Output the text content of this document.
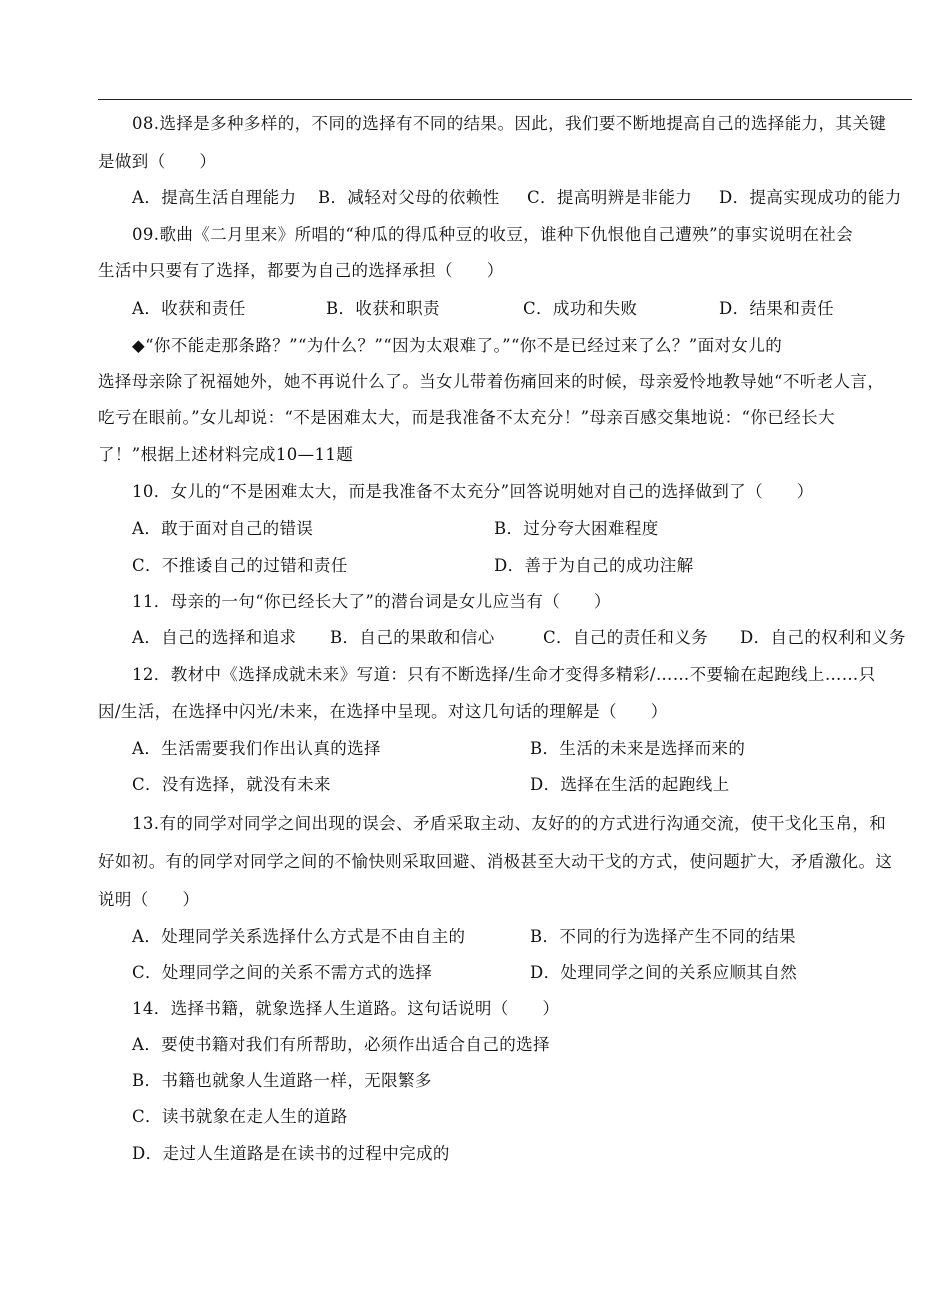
08.选择是多种多样的，不同的选择有不同的结果。因此，我们要不断地提高自己的选择能力，其关键
是做到（　　）
A．提高生活自理能力 B．减轻对父母的依赖性 C．提高明辨是非能力 D．提高实现成功的能力
09.歌曲《二月里来》所唱的“种瓜的得瓜种豆的收豆，谁种下仇恨他自己遭殃”的事实说明在社会
生活中只要有了选择，都要为自己的选择承担（　　）
A．收获和责任	B．收获和职责	C．成功和失败	D．结果和责任
◆“你不能走那条路？”“为什么？”“因为太艰难了。”“你不是已经过来了么？”面对女儿的
选择母亲除了祝福她外，她不再说什么了。当女儿带着伤痛回来的时候，母亲爱怜地教导她“不听老人言，
吃亏在眼前。”女儿却说：“不是困难太大，而是我准备不太充分！”母亲百感交集地说：“你已经长大
了！”根据上述材料完成10—11题
10．女儿的“不是困难太大，而是我准备不太充分”回答说明她对自己的选择做到了（　　）
A．敢于面对自己的错误	B．过分夸大困难程度
C．不推诿自己的过错和责任	D．善于为自己的成功注解
11．母亲的一句“你已经长大了”的潜台词是女儿应当有（　　）
A．自己的选择和追求 B．自己的果敢和信心	C．自己的责任和义务 D．自己的权利和义务
12．教材中《选择成就未来》写道：只有不断选择/生命才变得多精彩/……不要输在起跑线上……只
因/生活，在选择中闪光/未来，在选择中呈现。对这几句话的理解是（　　）
A．生活需要我们作出认真的选择	B．生活的未来是选择而来的
C．没有选择，就没有未来	D．选择在生活的起跑线上
13.有的同学对同学之间出现的误会、矛盾采取主动、友好的的方式进行沟通交流，使干戈化玉帛，和
好如初。有的同学对同学之间的不愉快则采取回避、消极甚至大动干戈的方式，使问题扩大，矛盾激化。这
说明（　　）
A．处理同学关系选择什么方式是不由自主的	B．不同的行为选择产生不同的结果
C．处理同学之间的关系不需方式的选择	D．处理同学之间的关系应顺其自然
14．选择书籍，就象选择人生道路。这句话说明（　　）
A．要使书籍对我们有所帮助，必须作出适合自己的选择
B．书籍也就象人生道路一样，无限繁多
C．读书就象在走人生的道路
D．走过人生道路是在读书的过程中完成的
